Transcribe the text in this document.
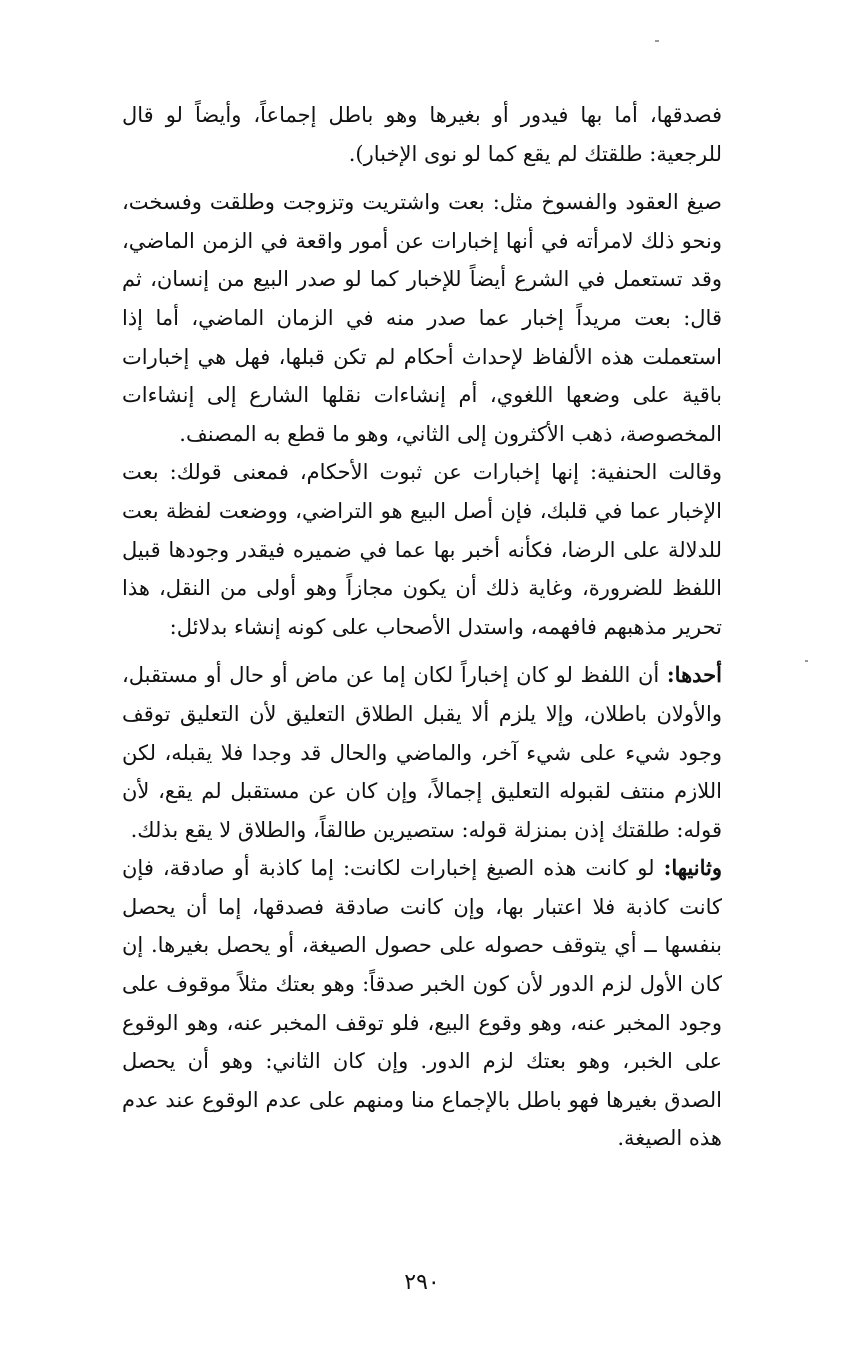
فصدقها، أما بها فيدور أو بغيرها وهو باطل إجماعاً، وأيضاً لو قال للرجعية: طلقتك لم يقع كما لو نوى الإخبار).

صيغ العقود والفسوخ مثل: بعت واشتريت وتزوجت وطلقت وفسخت، ونحو ذلك لامرأته في أنها إخبارات عن أمور واقعة في الزمن الماضي، وقد تستعمل في الشرع أيضاً للإخبار كما لو صدر البيع من إنسان، ثم قال: بعت مريداً إخبار عما صدر منه في الزمان الماضي، أما إذا استعملت هذه الألفاظ لإحداث أحكام لم تكن قبلها، فهل هي إخبارات باقية على وضعها اللغوي، أم إنشاءات نقلها الشارع إلى إنشاءات المخصوصة، ذهب الأكثرون إلى الثاني، وهو ما قطع به المصنف.

وقالت الحنفية: إنها إخبارات عن ثبوت الأحكام، فمعنى قولك: بعت الإخبار عما في قلبك، فإن أصل البيع هو التراضي، ووضعت لفظة بعت للدلالة على الرضا، فكأنه أخبر بها عما في ضميره فيقدر وجودها قبيل اللفظ للضرورة، وغاية ذلك أن يكون مجازاً وهو أولى من النقل، هذا تحرير مذهبهم فافهمه، واستدل الأصحاب على كونه إنشاء بدلائل:

أحدها: أن اللفظ لو كان إخباراً لكان إما عن ماض أو حال أو مستقبل، والأولان باطلان، وإلا يلزم ألا يقبل الطلاق التعليق لأن التعليق توقف وجود شيء على شيء آخر، والماضي والحال قد وجدا فلا يقبله، لكن اللازم منتف لقبوله التعليق إجمالاً، وإن كان عن مستقبل لم يقع، لأن قوله: طلقتك إذن بمنزلة قوله: ستصيرين طالقاً، والطلاق لا يقع بذلك.

وثانيها: لو كانت هذه الصيغ إخبارات لكانت: إما كاذبة أو صادقة، فإن كانت كاذبة فلا اعتبار بها، وإن كانت صادقة فصدقها، إما أن يحصل بنفسها ــ أي يتوقف حصوله على حصول الصيغة، أو يحصل بغيرها. إن كان الأول لزم الدور لأن كون الخبر صدقاً: وهو بعتك مثلاً موقوف على وجود المخبر عنه، وهو وقوع البيع، فلو توقف المخبر عنه، وهو الوقوع على الخبر، وهو بعتك لزم الدور. وإن كان الثاني: وهو أن يحصل الصدق بغيرها فهو باطل بالإجماع منا ومنهم على عدم الوقوع عند عدم هذه الصيغة.

٢٩٠
